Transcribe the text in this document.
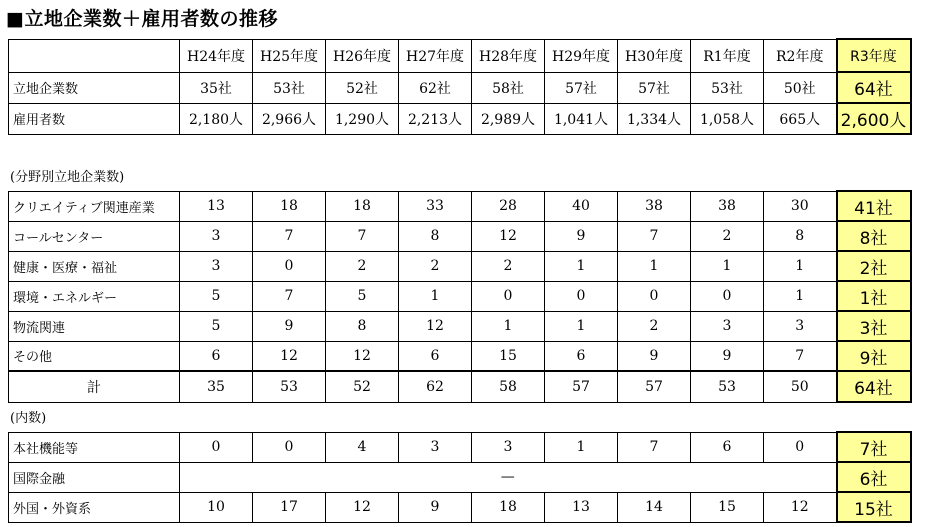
■立地企業数＋雇用者数の推移
	H24年度	H25年度	H26年度	H27年度	H28年度	H29年度	H30年度	R1年度	R2年度	R3年度
立地企業数	35社	53社	52社	62社	58社	57社	57社	53社	50社	64社
雇用者数	2,180人	2,966人	1,290人	2,213人	2,989人	1,041人	1,334人	1,058人	665人	2,600人
(分野別立地企業数)
クリエイティブ関連産業	13	18	18	33	28	40	38	38	30	41社
コールセンター	3	7	7	8	12	9	7	2	8	8社
健康・医療・福祉	3	0	2	2	2	1	1	1	1	2社
環境・エネルギー	5	7	5	1	0	0	0	0	1	1社
物流関連	5	9	8	12	1	1	2	3	3	3社
その他	6	12	12	6	15	6	9	9	7	9社
計	35	53	52	62	58	57	57	53	50	64社
(内数)
本社機能等	0	0	4	3	3	1	7	6	0	7社
国際金融	—									6社
外国・外資系	10	17	12	9	18	13	14	15	12	15社
